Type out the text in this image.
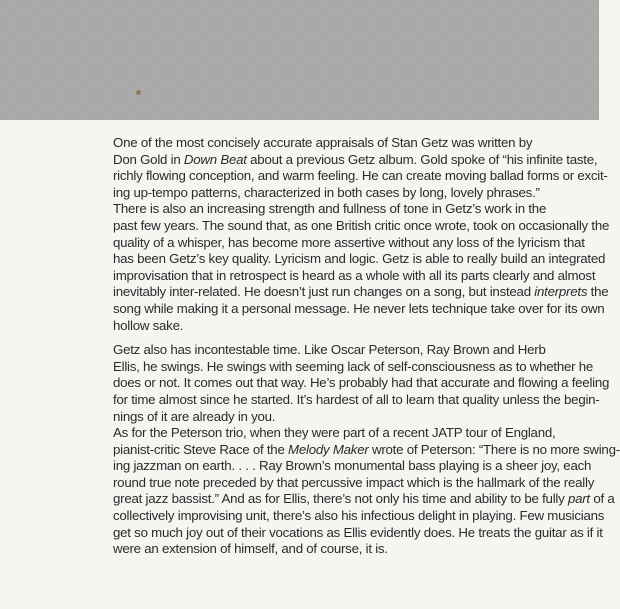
One of the most concisely accurate appraisals of Stan Getz was written by
Don Gold in Down Beat about a previous Getz album. Gold spoke of “his infinite taste,
richly flowing conception, and warm feeling. He can create moving ballad forms or excit-
ing up-tempo patterns, characterized in both cases by long, lovely phrases.”

There is also an increasing strength and fullness of tone in Getz’s work in the
past few years. The sound that, as one British critic once wrote, took on occasionally the
quality of a whisper, has become more assertive without any loss of the lyricism that
has been Getz’s key quality. Lyricism and logic. Getz is able to really build an integrated
improvisation that in retrospect is heard as a whole with all its parts clearly and almost
inevitably inter-related. He doesn’t just run changes on a song, but instead interprets the
song while making it a personal message. He never lets technique take over for its own
hollow sake.

Getz also has incontestable time. Like Oscar Peterson, Ray Brown and Herb
Ellis, he swings. He swings with seeming lack of self-consciousness as to whether he
does or not. It comes out that way. He’s probably had that accurate and flowing a feeling
for time almost since he started. It’s hardest of all to learn that quality unless the begin-
nings of it are already in you.

As for the Peterson trio, when they were part of a recent JATP tour of England,
pianist-critic Steve Race of the Melody Maker wrote of Peterson: “There is no more swing-
ing jazzman on earth. . . . Ray Brown’s monumental bass playing is a sheer joy, each
round true note preceded by that percussive impact which is the hallmark of the really
great jazz bassist.” And as for Ellis, there’s not only his time and ability to be fully part of a
collectively improvising unit, there’s also his infectious delight in playing. Few musicians
get so much joy out of their vocations as Ellis evidently does. He treats the guitar as if it
were an extension of himself, and of course, it is.
